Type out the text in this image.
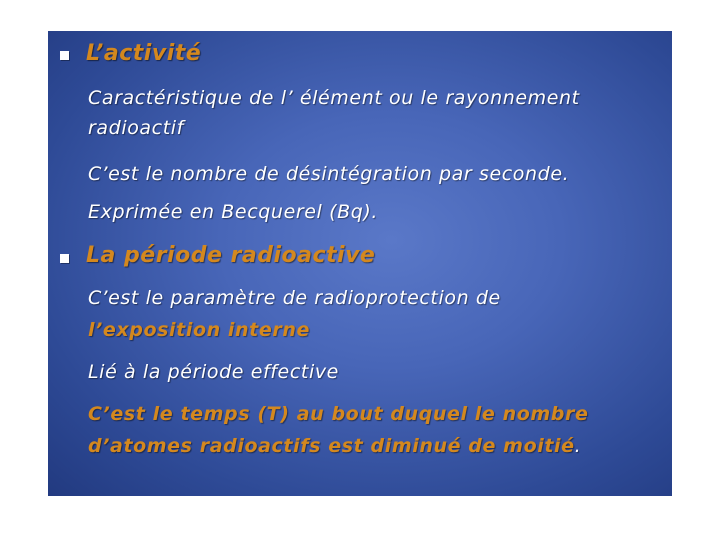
L’activité
Caractéristique de l’ élément ou le rayonnement
radioactif
C’est le nombre de désintégration par seconde.
Exprimée en Becquerel (Bq).
La période radioactive
C’est le paramètre de radioprotection de
l’exposition interne
Lié à la période effective
C’est le temps (T) au bout duquel le nombre
d’atomes radioactifs est diminué de moitié.
